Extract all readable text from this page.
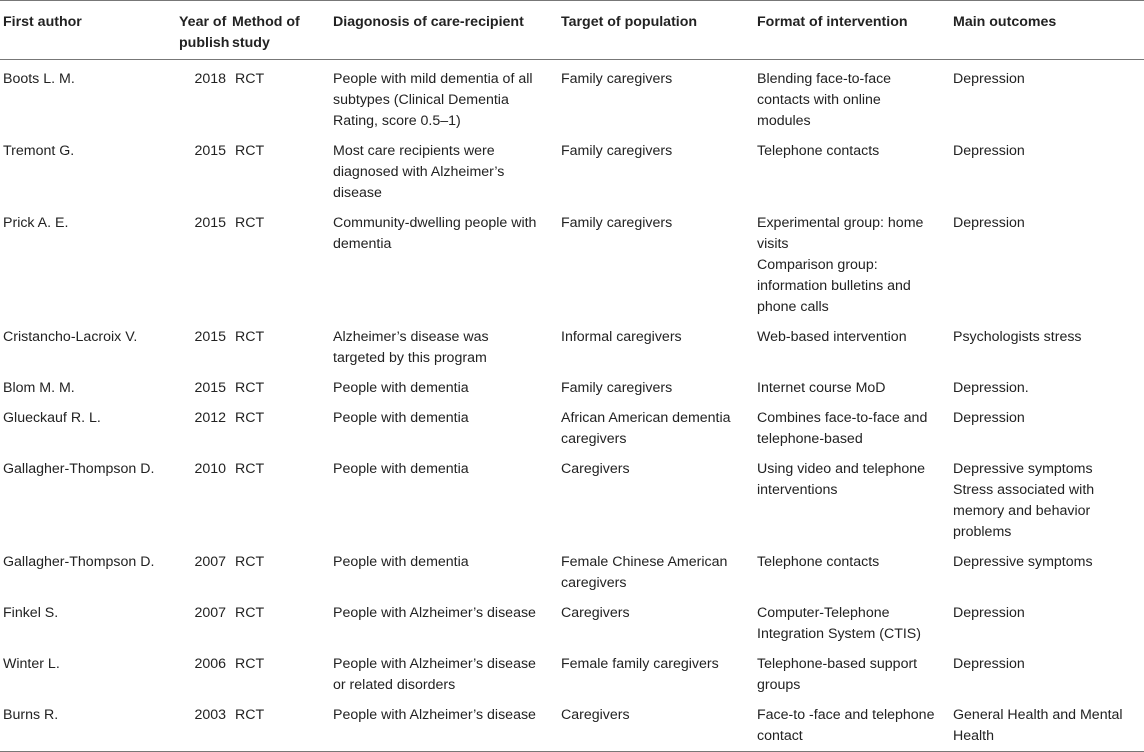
First author	Year of
publish	Method of
study	Diagonosis of care-recipient	Target of population	Format of intervention	Main outcomes

Boots L. M.	2018	RCT	People with mild dementia of all
subtypes (Clinical Dementia
Rating, score 0.5–1)	Family caregivers	Blending face-to-face
contacts with online
modules	Depression

Tremont G.	2015	RCT	Most care recipients were
diagnosed with Alzheimer’s
disease	Family caregivers	Telephone contacts	Depression

Prick A. E.	2015	RCT	Community-dwelling people with
dementia	Family caregivers	Experimental group: home
visits
Comparison group:
information bulletins and
phone calls	Depression

Cristancho-Lacroix V.	2015	RCT	Alzheimer’s disease was
targeted by this program	Informal caregivers	Web-based intervention	Psychologists stress

Blom M. M.	2015	RCT	People with dementia	Family caregivers	Internet course MoD	Depression.

Glueckauf R. L.	2012	RCT	People with dementia	African American dementia
caregivers	Combines face-to-face and
telephone-based	Depression

Gallagher-Thompson D.	2010	RCT	People with dementia	Caregivers	Using video and telephone
interventions	Depressive symptoms
Stress associated with
memory and behavior
problems

Gallagher-Thompson D.	2007	RCT	People with dementia	Female Chinese American
caregivers	Telephone contacts	Depressive symptoms

Finkel S.	2007	RCT	People with Alzheimer’s disease	Caregivers	Computer-Telephone
Integration System (CTIS)	Depression

Winter L.	2006	RCT	People with Alzheimer’s disease
or related disorders	Female family caregivers	Telephone-based support
groups	Depression

Burns R.	2003	RCT	People with Alzheimer’s disease	Caregivers	Face-to -face and telephone
contact	General Health and Mental
Health
